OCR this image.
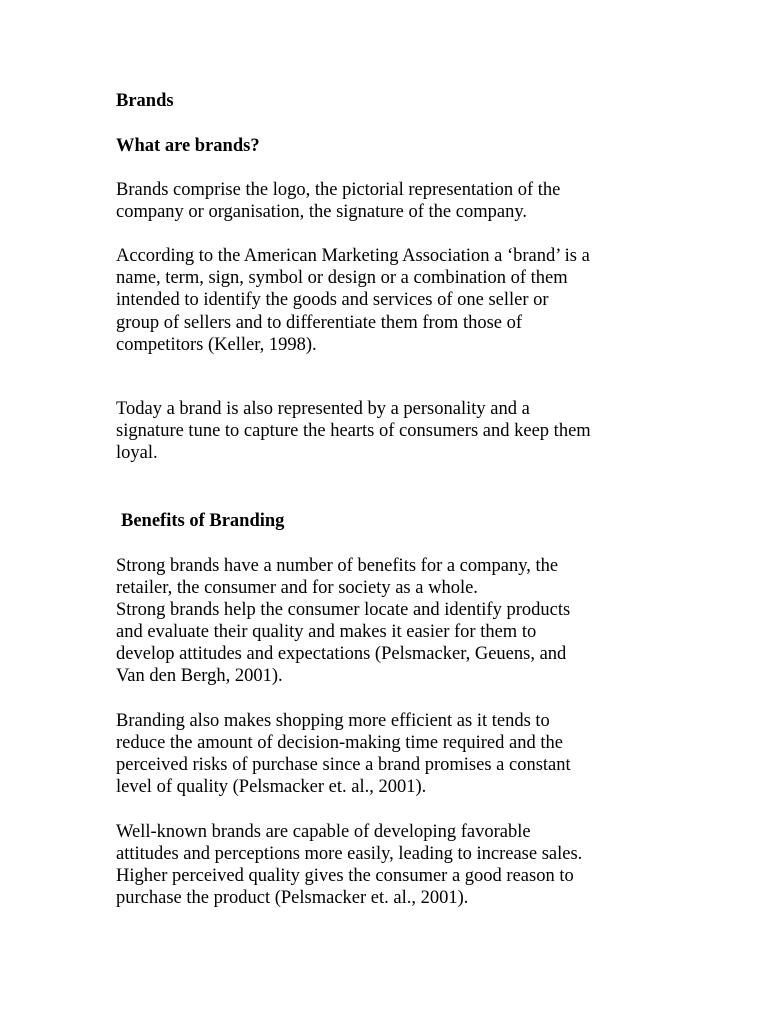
Brands

What are brands?

Brands comprise the logo, the pictorial representation of the

company or organisation, the signature of the company.

According to the American Marketing Association a ‘brand’ is a

name, term, sign, symbol or design or a combination of them

intended to identify the goods and services of one seller or

group of sellers and to differentiate them from those of

competitors (Keller, 1998).

Today a brand is also represented by a personality and a

signature tune to capture the hearts of consumers and keep them

loyal.

Benefits of Branding

Strong brands have a number of benefits for a company, the

retailer, the consumer and for society as a whole.

Strong brands help the consumer locate and identify products

and evaluate their quality and makes it easier for them to

develop attitudes and expectations (Pelsmacker, Geuens, and

Van den Bergh, 2001).

Branding also makes shopping more efficient as it tends to

reduce the amount of decision-making time required and the

perceived risks of purchase since a brand promises a constant

level of quality (Pelsmacker et. al., 2001).

Well-known brands are capable of developing favorable

attitudes and perceptions more easily, leading to increase sales.

Higher perceived quality gives the consumer a good reason to

purchase the product (Pelsmacker et. al., 2001).
